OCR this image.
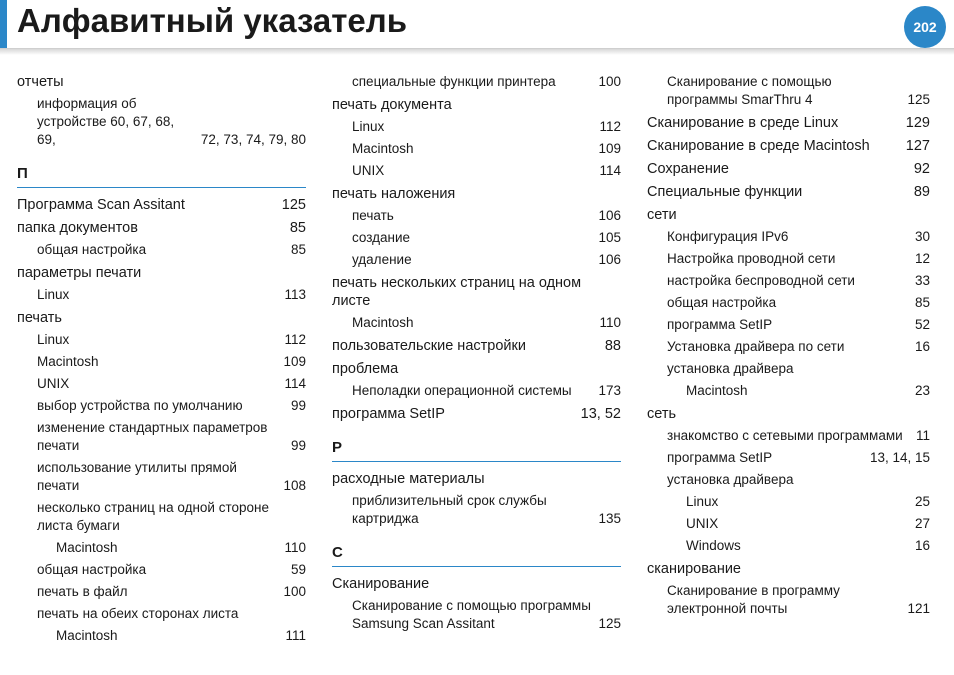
Алфавитный указатель	202
отчеты
информация об устройстве 60, 67, 68, 69,	72, 73, 74, 79, 80
П
Программа Scan Assitant	125
папка документов	85
общая настройка	85
параметры печати
Linux	113
печать
Linux	112
Macintosh	109
UNIX	114
выбор устройства по умолчанию	99
изменение стандартных параметров печати	99
использование утилиты прямой печати	108
несколько страниц на одной стороне листа бумаги
Macintosh	110
общая настройка	59
печать в файл	100
печать на обеих сторонах листа
Macintosh	111
специальные функции принтера	100
печать документа
Linux	112
Macintosh	109
UNIX	114
печать наложения
печать	106
создание	105
удаление	106
печать нескольких страниц на одном листе
Macintosh	110
пользовательские настройки	88
проблема
Неполадки операционной системы	173
программа SetIP	13, 52
Р
расходные материалы
приблизительный срок службы картриджа	135
С
Сканирование
Сканирование с помощью программы Samsung Scan Assitant	125
Сканирование с помощью программы SmarThru 4	125
Сканирование в среде Linux	129
Сканирование в среде Macintosh	127
Сохранение	92
Специальные функции	89
сети
Конфигурация IPv6	30
Настройка проводной сети	12
настройка беспроводной сети	33
общая настройка	85
программа SetIP	52
Установка драйвера по сети	16
установка драйвера
Macintosh	23
сеть
знакомство с сетевыми программами 11
программа SetIP	13, 14, 15
установка драйвера
Linux	25
UNIX	27
Windows	16
сканирование
Сканирование в программу электронной почты	121
